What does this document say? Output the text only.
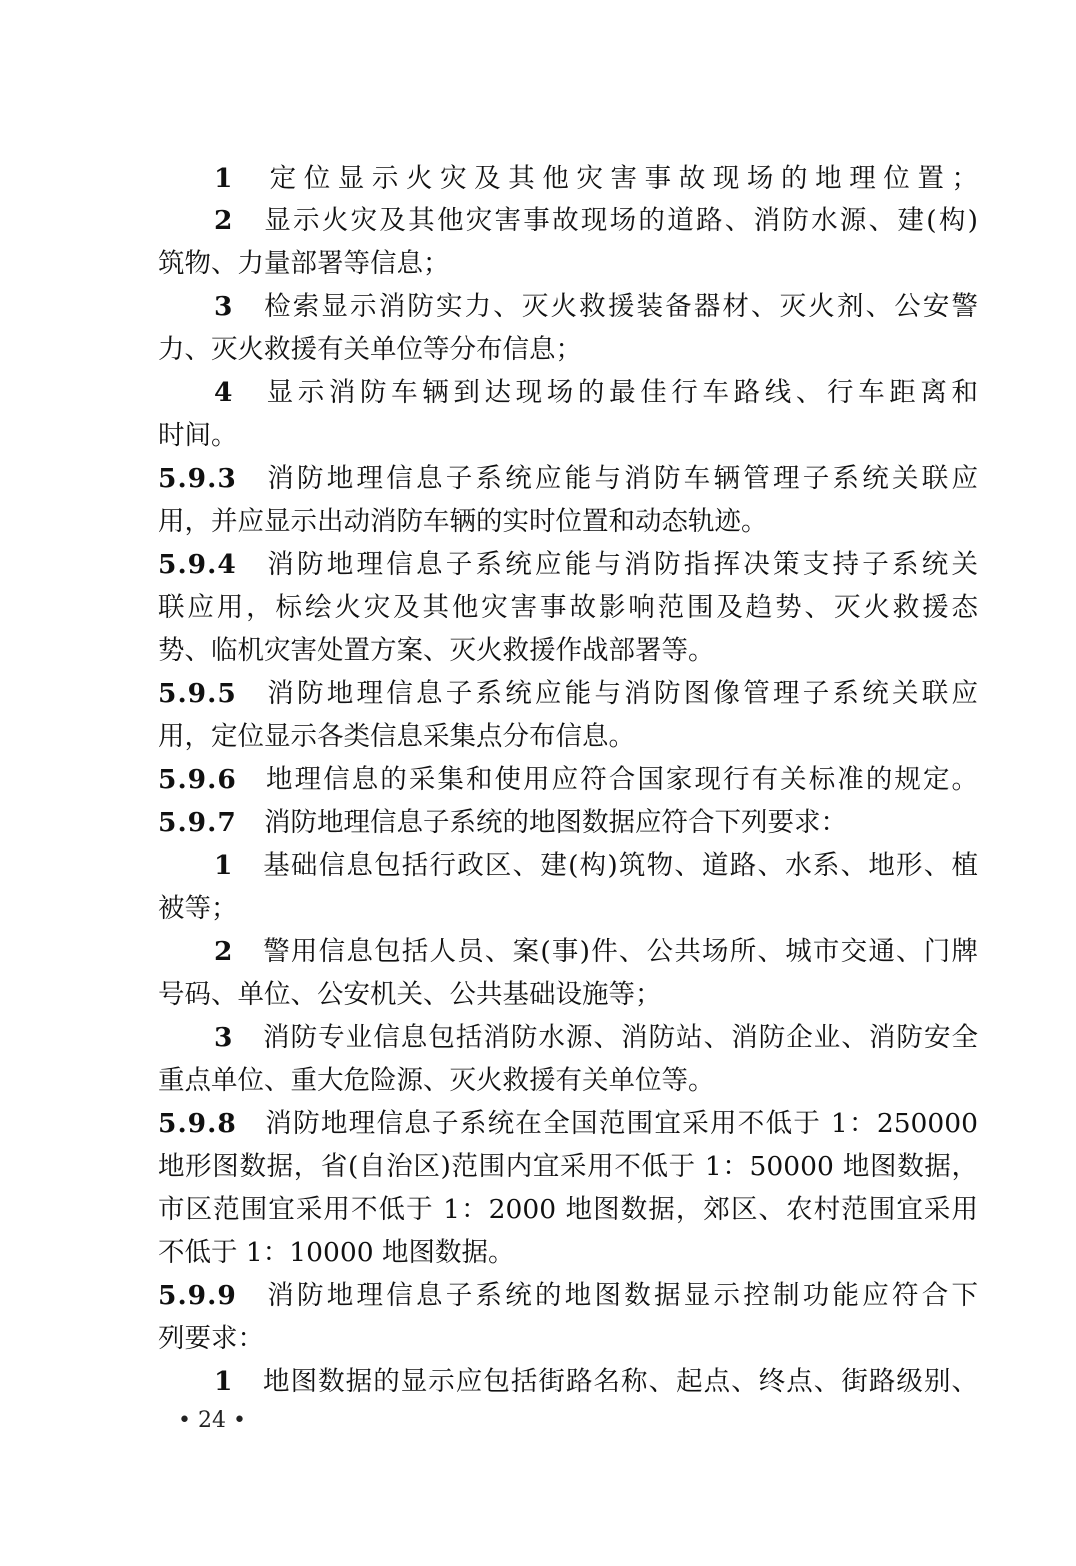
1 定位显示火灾及其他灾害事故现场的地理位置；
2 显示火灾及其他灾害事故现场的道路、消防水源、建(构)
筑物、力量部署等信息；
3 检索显示消防实力、灭火救援装备器材、灭火剂、公安警
力、灭火救援有关单位等分布信息；
4 显示消防车辆到达现场的最佳行车路线、行车距离和
时间。
5.9.3 消防地理信息子系统应能与消防车辆管理子系统关联应
用，并应显示出动消防车辆的实时位置和动态轨迹。
5.9.4 消防地理信息子系统应能与消防指挥决策支持子系统关
联应用，标绘火灾及其他灾害事故影响范围及趋势、灭火救援态
势、临机灾害处置方案、灭火救援作战部署等。
5.9.5 消防地理信息子系统应能与消防图像管理子系统关联应
用，定位显示各类信息采集点分布信息。
5.9.6 地理信息的采集和使用应符合国家现行有关标准的规定。
5.9.7 消防地理信息子系统的地图数据应符合下列要求：
1 基础信息包括行政区、建(构)筑物、道路、水系、地形、植
被等；
2 警用信息包括人员、案(事)件、公共场所、城市交通、门牌
号码、单位、公安机关、公共基础设施等；
3 消防专业信息包括消防水源、消防站、消防企业、消防安全
重点单位、重大危险源、灭火救援有关单位等。
5.9.8 消防地理信息子系统在全国范围宜采用不低于 1：250000
地形图数据，省(自治区)范围内宜采用不低于 1：50000 地图数据，
市区范围宜采用不低于 1：2000 地图数据，郊区、农村范围宜采用
不低于 1：10000 地图数据。
5.9.9 消防地理信息子系统的地图数据显示控制功能应符合下
列要求：
1 地图数据的显示应包括街路名称、起点、终点、街路级别、
• 24 •
